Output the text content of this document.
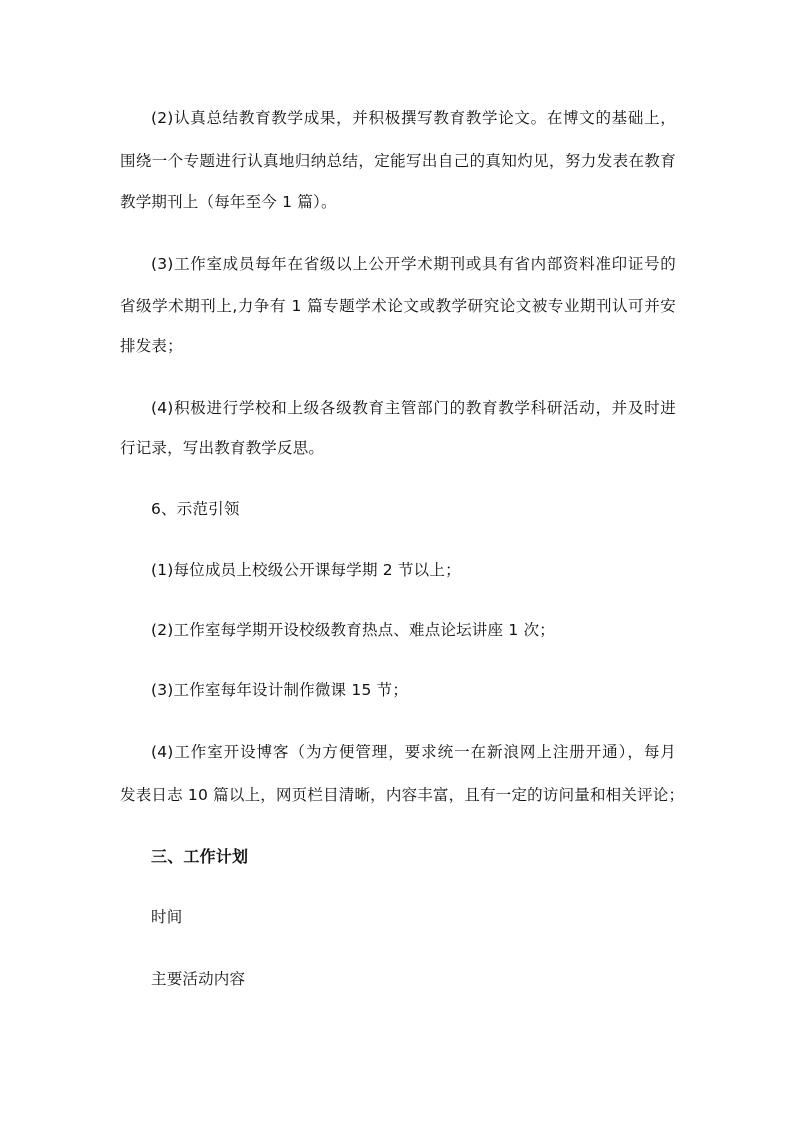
(2)认真总结教育教学成果，并积极撰写教育教学论文。在博文的基础上，
围绕一个专题进行认真地归纳总结，定能写出自己的真知灼见，努力发表在教育
教学期刊上（每年至今 1 篇）。
(3)工作室成员每年在省级以上公开学术期刊或具有省内部资料准印证号的
省级学术期刊上,力争有 1 篇专题学术论文或教学研究论文被专业期刊认可并安
排发表；
(4)积极进行学校和上级各级教育主管部门的教育教学科研活动，并及时进
行记录，写出教育教学反思。
6、示范引领
(1)每位成员上校级公开课每学期 2 节以上；
(2)工作室每学期开设校级教育热点、难点论坛讲座 1 次；
(3)工作室每年设计制作微课 15 节；
(4)工作室开设博客（为方便管理，要求统一在新浪网上注册开通），每月
发表日志 10 篇以上，网页栏目清晰，内容丰富，且有一定的访问量和相关评论；
三、工作计划
时间
主要活动内容
